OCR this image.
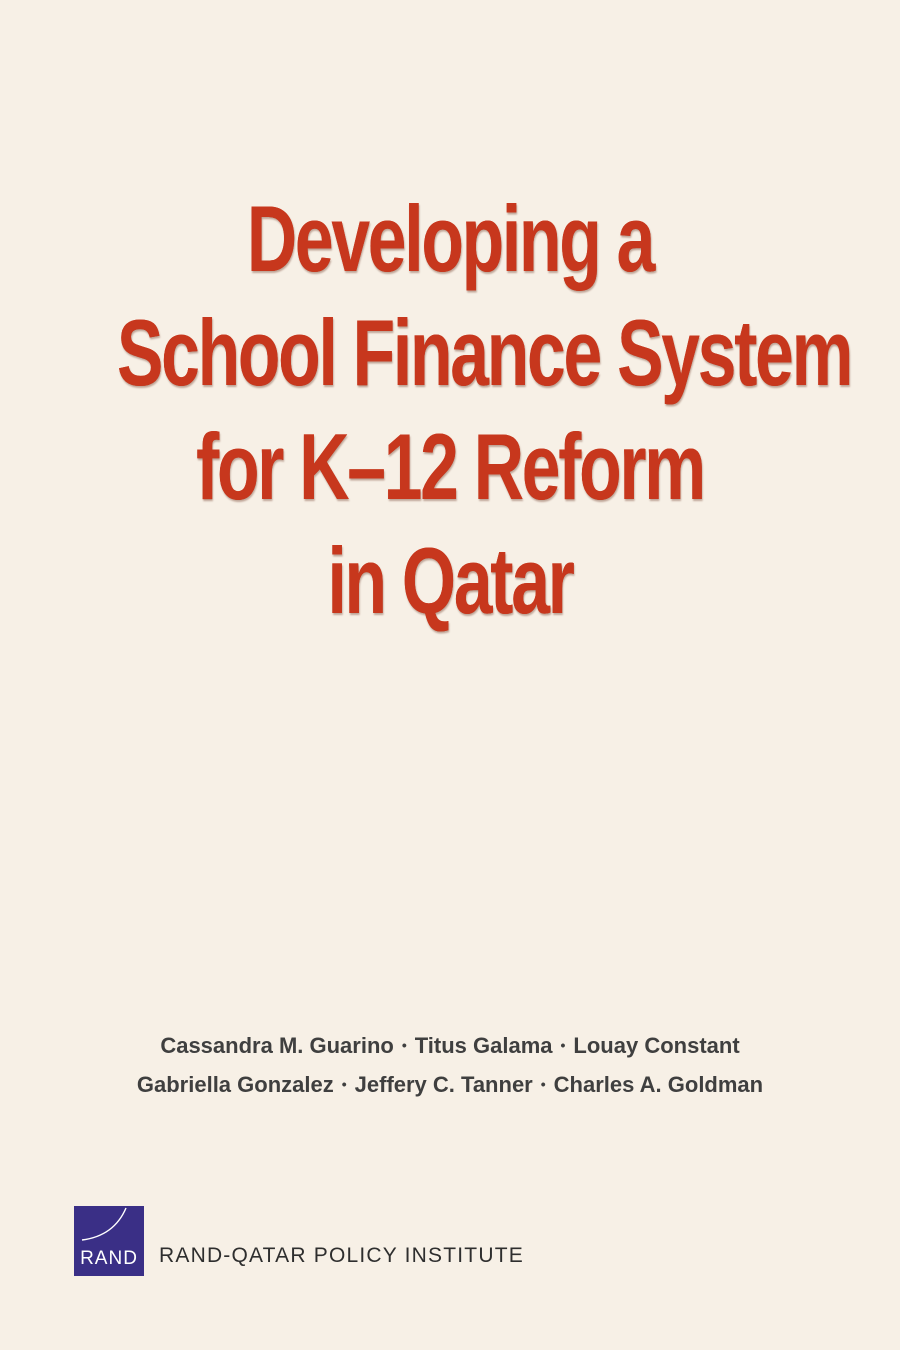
Developing a
School Finance System
for K–12 Reform
in Qatar
Cassandra M. Guarino • Titus Galama • Louay Constant
Gabriella Gonzalez • Jeffery C. Tanner • Charles A. Goldman
RAND RAND-QATAR POLICY INSTITUTE
